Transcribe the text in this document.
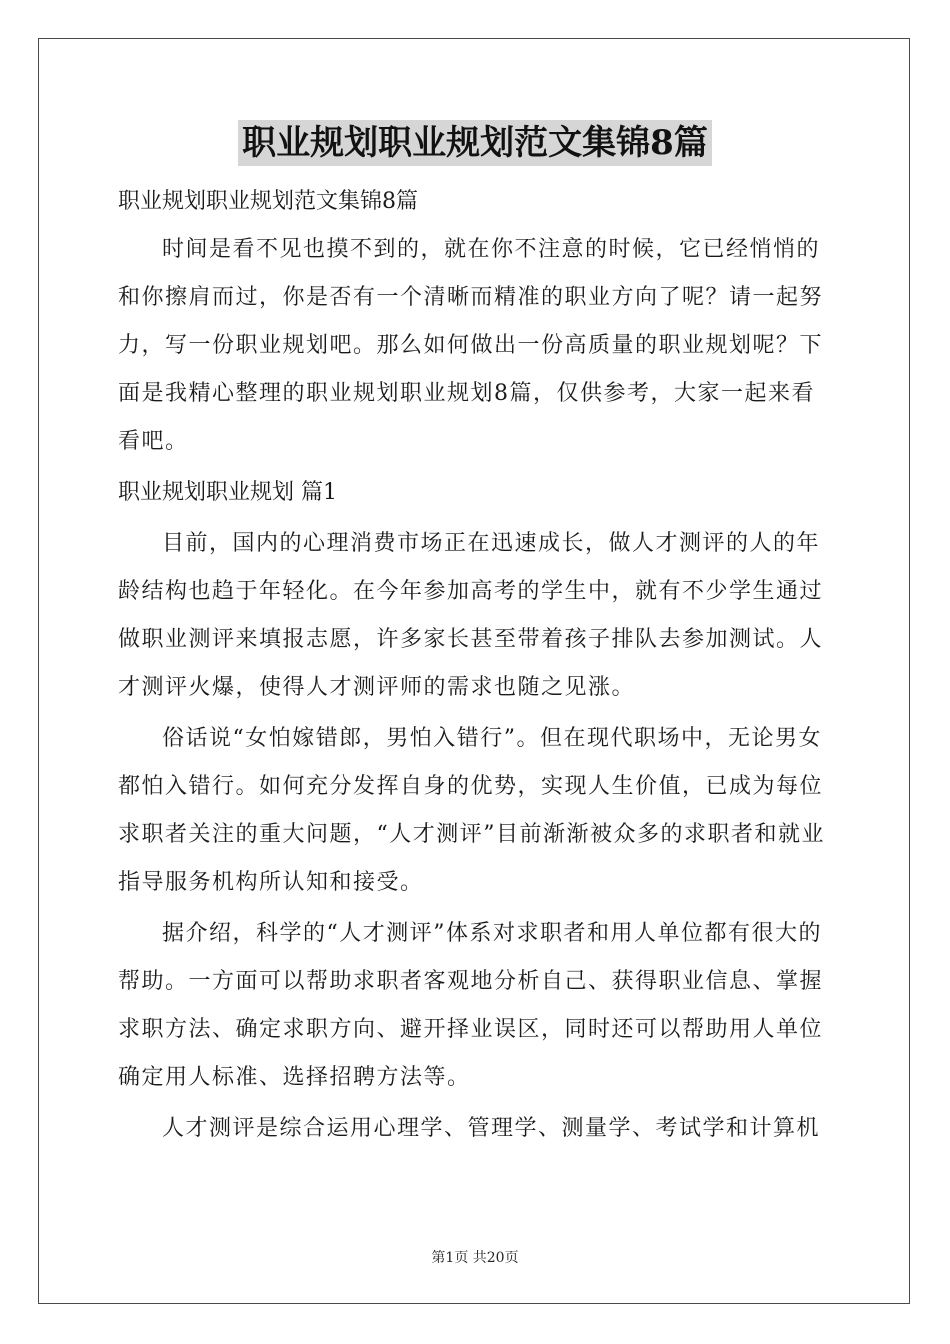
职业规划职业规划范文集锦8篇
职业规划职业规划范文集锦8篇

时间是看不见也摸不到的，就在你不注意的时候，它已经悄悄的和你擦肩而过，你是否有一个清晰而精准的职业方向了呢？请一起努力，写一份职业规划吧。那么如何做出一份高质量的职业规划呢？下面是我精心整理的职业规划职业规划8篇，仅供参考，大家一起来看看吧。

职业规划职业规划 篇1

目前，国内的心理消费市场正在迅速成长，做人才测评的人的年龄结构也趋于年轻化。在今年参加高考的学生中，就有不少学生通过做职业测评来填报志愿，许多家长甚至带着孩子排队去参加测试。人才测评火爆，使得人才测评师的需求也随之见涨。

俗话说“女怕嫁错郎，男怕入错行”。但在现代职场中，无论男女都怕入错行。如何充分发挥自身的优势，实现人生价值，已成为每位求职者关注的重大问题，“人才测评”目前渐渐被众多的求职者和就业指导服务机构所认知和接受。

据介绍，科学的“人才测评”体系对求职者和用人单位都有很大的帮助。一方面可以帮助求职者客观地分析自己、获得职业信息、掌握求职方法、确定求职方向、避开择业误区，同时还可以帮助用人单位确定用人标准、选择招聘方法等。

人才测评是综合运用心理学、管理学、测量学、考试学和计算机

第1页 共20页
